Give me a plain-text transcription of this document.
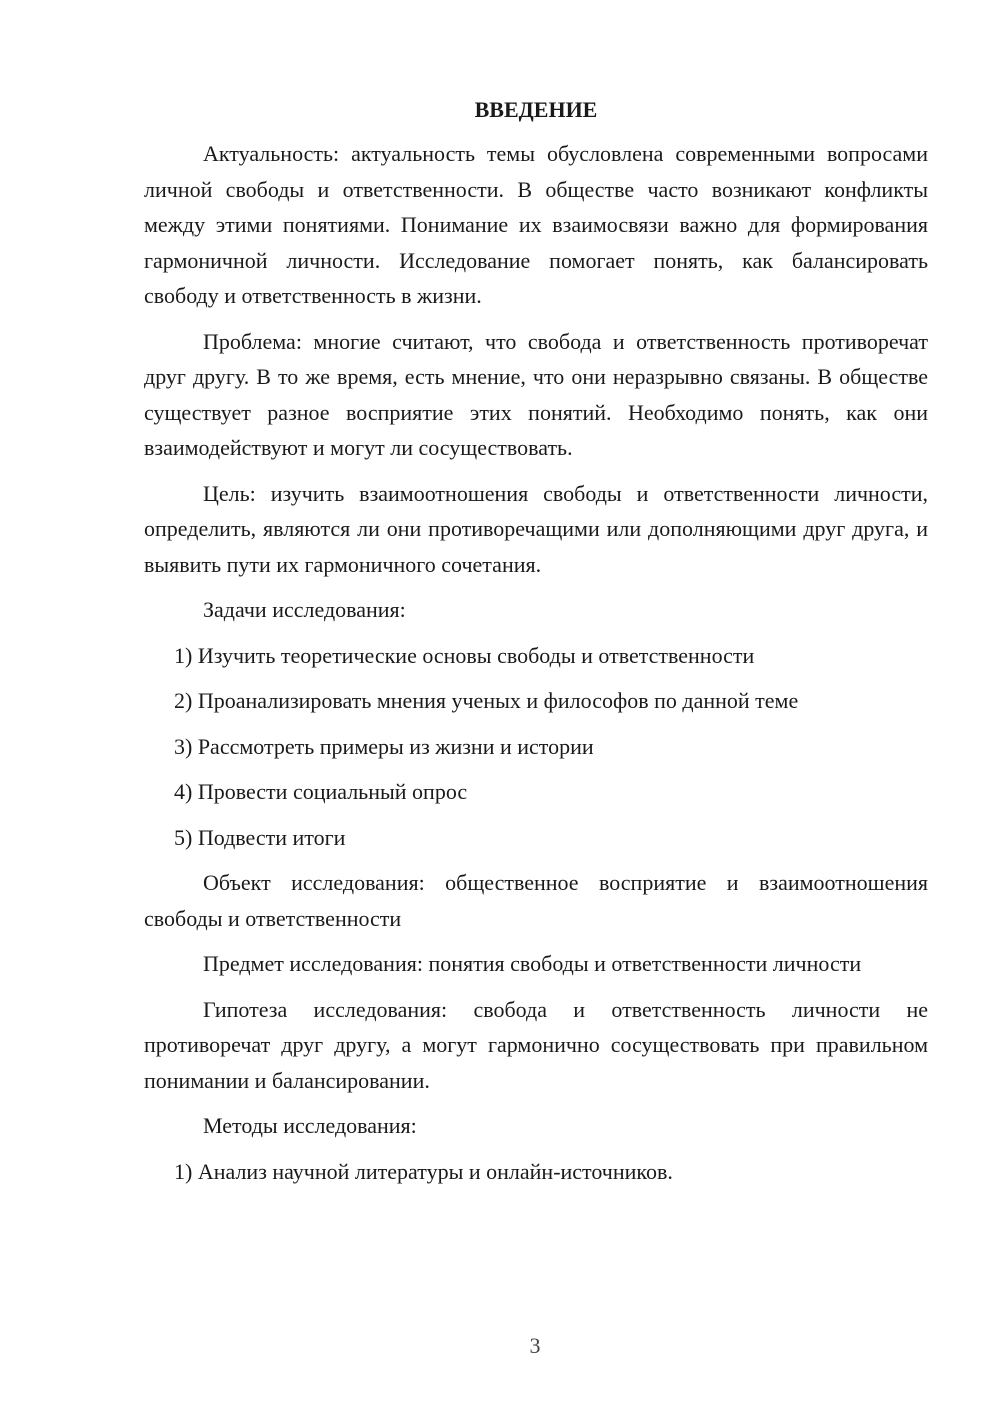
ВВЕДЕНИЕ

Актуальность: актуальность темы обусловлена современными вопросами личной свободы и ответственности. В обществе часто возникают конфликты между этими понятиями. Понимание их взаимосвязи важно для формирования гармоничной личности. Исследование помогает понять, как балансировать свободу и ответственность в жизни.

Проблема: многие считают, что свобода и ответственность противоречат друг другу. В то же время, есть мнение, что они неразрывно связаны. В обществе существует разное восприятие этих понятий. Необходимо понять, как они взаимодействуют и могут ли сосуществовать.

Цель: изучить взаимоотношения свободы и ответственности личности, определить, являются ли они противоречащими или дополняющими друг друга, и выявить пути их гармоничного сочетания.

Задачи исследования:

1) Изучить теоретические основы свободы и ответственности

2) Проанализировать мнения ученых и философов по данной теме

3) Рассмотреть примеры из жизни и истории

4) Провести социальный опрос

5) Подвести итоги

Объект исследования: общественное восприятие и взаимоотношения свободы и ответственности

Предмет исследования: понятия свободы и ответственности личности

Гипотеза исследования: свобода и ответственность личности не противоречат друг другу, а могут гармонично сосуществовать при правильном понимании и балансировании.

Методы исследования:

1) Анализ научной литературы и онлайн-источников.

3
